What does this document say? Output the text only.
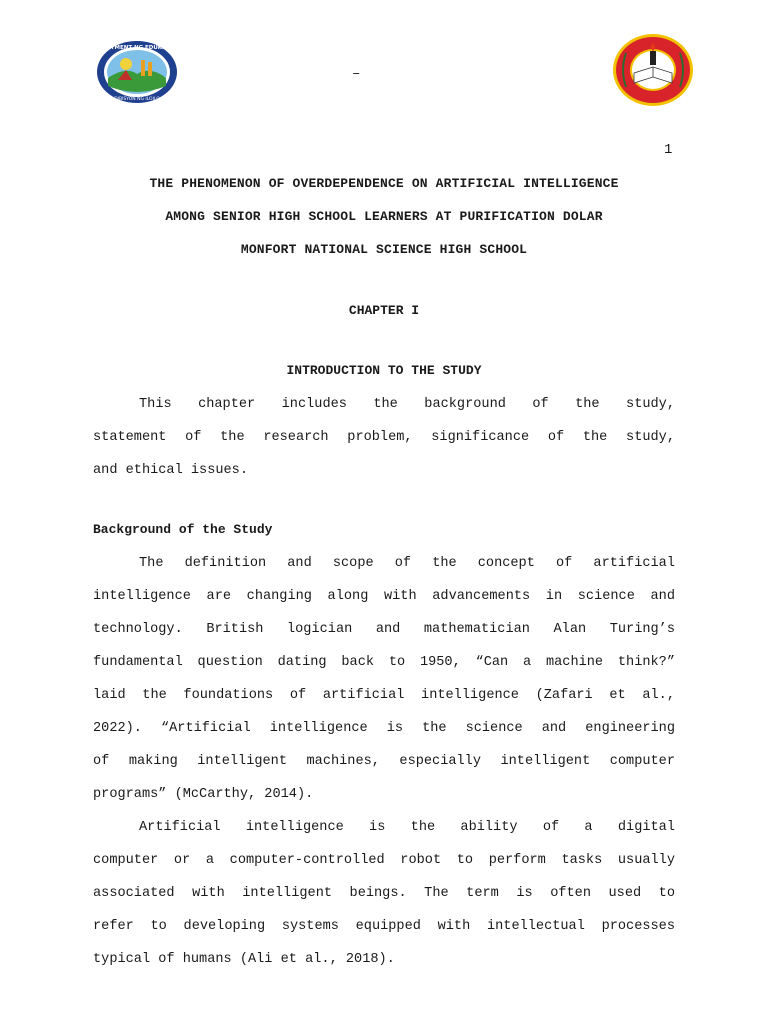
DEPARTMENT NG EDUKASYON
DIBISYON NG ILOILO
–
1
THE PHENOMENON OF OVERDEPENDENCE ON ARTIFICIAL INTELLIGENCE
AMONG SENIOR HIGH SCHOOL LEARNERS AT PURIFICATION DOLAR
MONFORT NATIONAL SCIENCE HIGH SCHOOL
CHAPTER I
INTRODUCTION TO THE STUDY
This chapter includes the background of the study,
statement of the research problem, significance of the study,
and ethical issues.
Background of the Study
The definition and scope of the concept of artificial
intelligence are changing along with advancements in science and
technology. British logician and mathematician Alan Turing’s
fundamental question dating back to 1950, “Can a machine think?”
laid the foundations of artificial intelligence (Zafari et al.,
2022). “Artificial intelligence is the science and engineering
of making intelligent machines, especially intelligent computer
programs” (McCarthy, 2014).
Artificial intelligence is the ability of a digital
computer or a computer-controlled robot to perform tasks usually
associated with intelligent beings. The term is often used to
refer to developing systems equipped with intellectual processes
typical of humans (Ali et al., 2018).
